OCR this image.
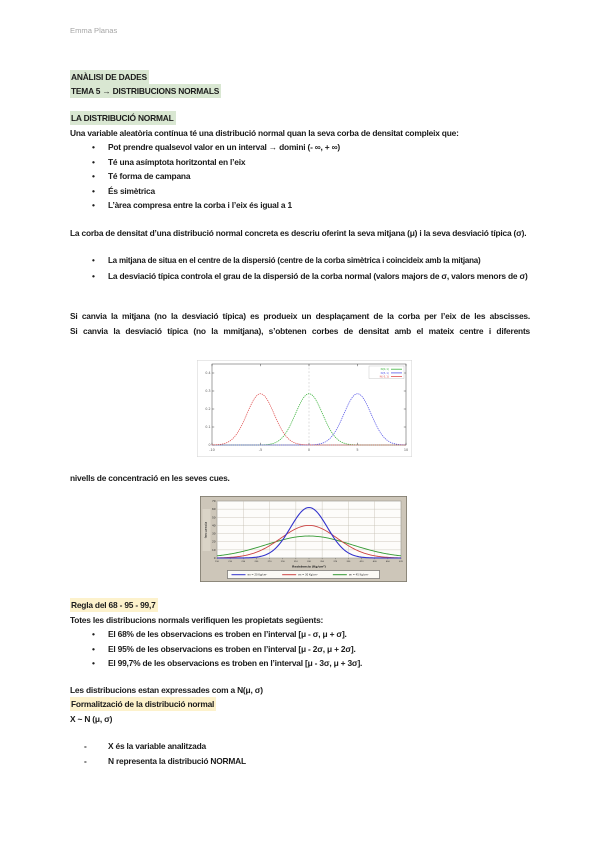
Emma Planas
ANÀLISI DE DADES
TEMA 5 → DISTRIBUCIONS NORMALS
LA DISTRIBUCIÓ NORMAL
Una variable aleatòria contínua té una distribució normal quan la seva corba de densitat compleix que:
• Pot prendre qualsevol valor en un interval → domini (- ∞, + ∞)
• Té una asímptota horitzontal en l’eix
• Té forma de campana
• És simètrica
• L’àrea compresa entre la corba i l’eix és igual a 1
La corba de densitat d’una distribució normal concreta es descriu oferint la seva mitjana (μ) i la seva desviació típica (σ).
• La mitjana de situa en el centre de la dispersió (centre de la corba simètrica i coincideix amb la mitjana)
• La desviació típica controla el grau de la dispersió de la corba normal (valors majors de σ, valors menors de σ)
Si canvia la mitjana (no la desviació típica) es produeix un desplaçament de la corba per l’eix de les abscisses.
Si canvia la desviació típica (no la mmitjana), s’obtenen corbes de densitat amb el mateix centre i diferents
-10	-5	0	5	10
0
0.1
0.2
0.3
0.4
N(0,1)
N(5,1)
N(-5,1)
nivells de concentració en les seves cues.
0
10
20
30
40
50
60
70
190	210	230	250	270	290	310	330	350	370	390	410	430	450	470
frecuencia
Resistencia (Kg/cm²)
σn = 20 Kg/cm²	σn = 30 Kg/cm²	σn = 45 Kg/cm²
Regla del 68 - 95 - 99,7
Totes les distribucions normals verifiquen les propietats següents:
• El 68% de les observacions es troben en l’interval [μ - σ, μ + σ].
• El 95% de les observacions es troben en l’interval [μ - 2σ, μ + 2σ].
• El 99,7% de les observacions es troben en l’interval [μ - 3σ, μ + 3σ].
Les distribucions estan expressades com a N(μ, σ)
Formalització de la distribució normal
X ~ N (μ, σ)
- X és la variable analitzada
- N representa la distribució NORMAL
